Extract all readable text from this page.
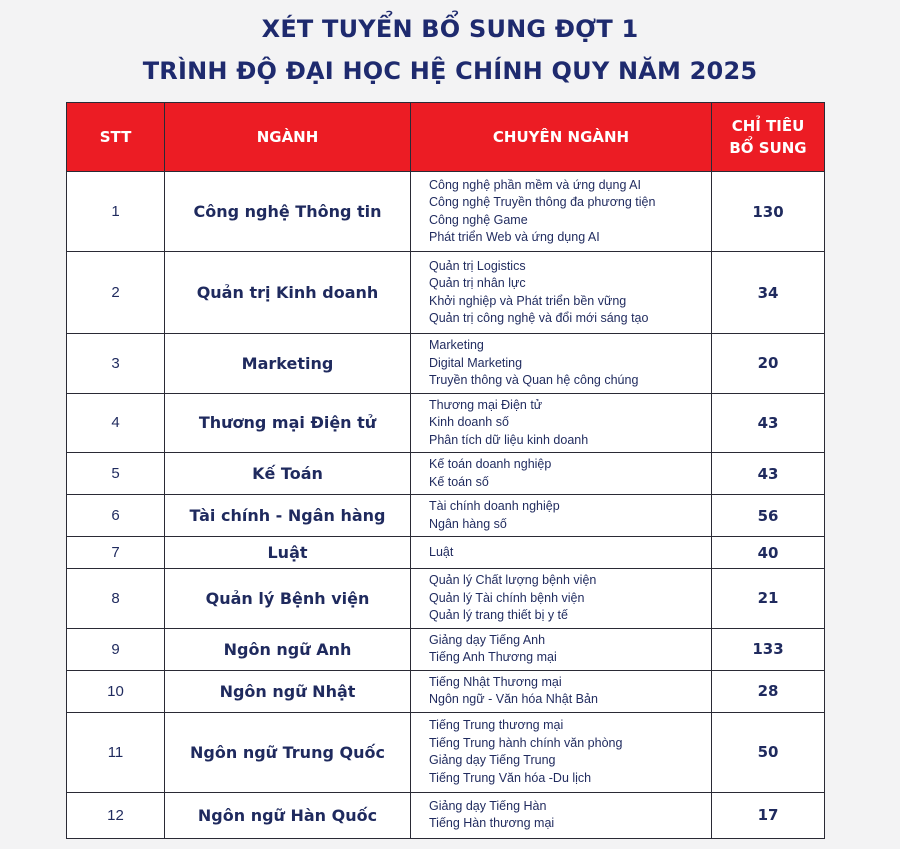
XÉT TUYỂN BỔ SUNG ĐỢT 1
TRÌNH ĐỘ ĐẠI HỌC HỆ CHÍNH QUY NĂM 2025
STT	NGÀNH	CHUYÊN NGÀNH	CHỈ TIÊU
BỔ SUNG

1	Công nghệ Thông tin	Công nghệ phần mềm và ứng dụng AI
Công nghệ Truyền thông đa phương tiện
Công nghệ Game
Phát triển Web và ứng dụng AI	130
2	Quản trị Kinh doanh	Quản trị Logistics
Quản trị nhân lực
Khởi nghiệp và Phát triển bền vững
Quản trị công nghệ và đổi mới sáng tạo	34
3	Marketing	Marketing
Digital Marketing
Truyền thông và Quan hệ công chúng	20
4	Thương mại Điện tử	Thương mại Điện tử
Kinh doanh số
Phân tích dữ liệu kinh doanh	43
5	Kế Toán	Kế toán doanh nghiệp
Kế toán số	43
6	Tài chính - Ngân hàng	Tài chính doanh nghiệp
Ngân hàng số	56
7	Luật	Luật	40
8	Quản lý Bệnh viện	Quản lý Chất lượng bệnh viện
Quản lý Tài chính bệnh viện
Quản lý trang thiết bị y tế	21
9	Ngôn ngữ Anh	Giảng dạy Tiếng Anh
Tiếng Anh Thương mại	133
10	Ngôn ngữ Nhật	Tiếng Nhật Thương mại
Ngôn ngữ - Văn hóa Nhật Bản	28
11	Ngôn ngữ Trung Quốc	Tiếng Trung thương mại
Tiếng Trung hành chính văn phòng
Giảng dạy Tiếng Trung
Tiếng Trung Văn hóa -Du lịch	50
12	Ngôn ngữ Hàn Quốc	Giảng dạy Tiếng Hàn
Tiếng Hàn thương mại	17
